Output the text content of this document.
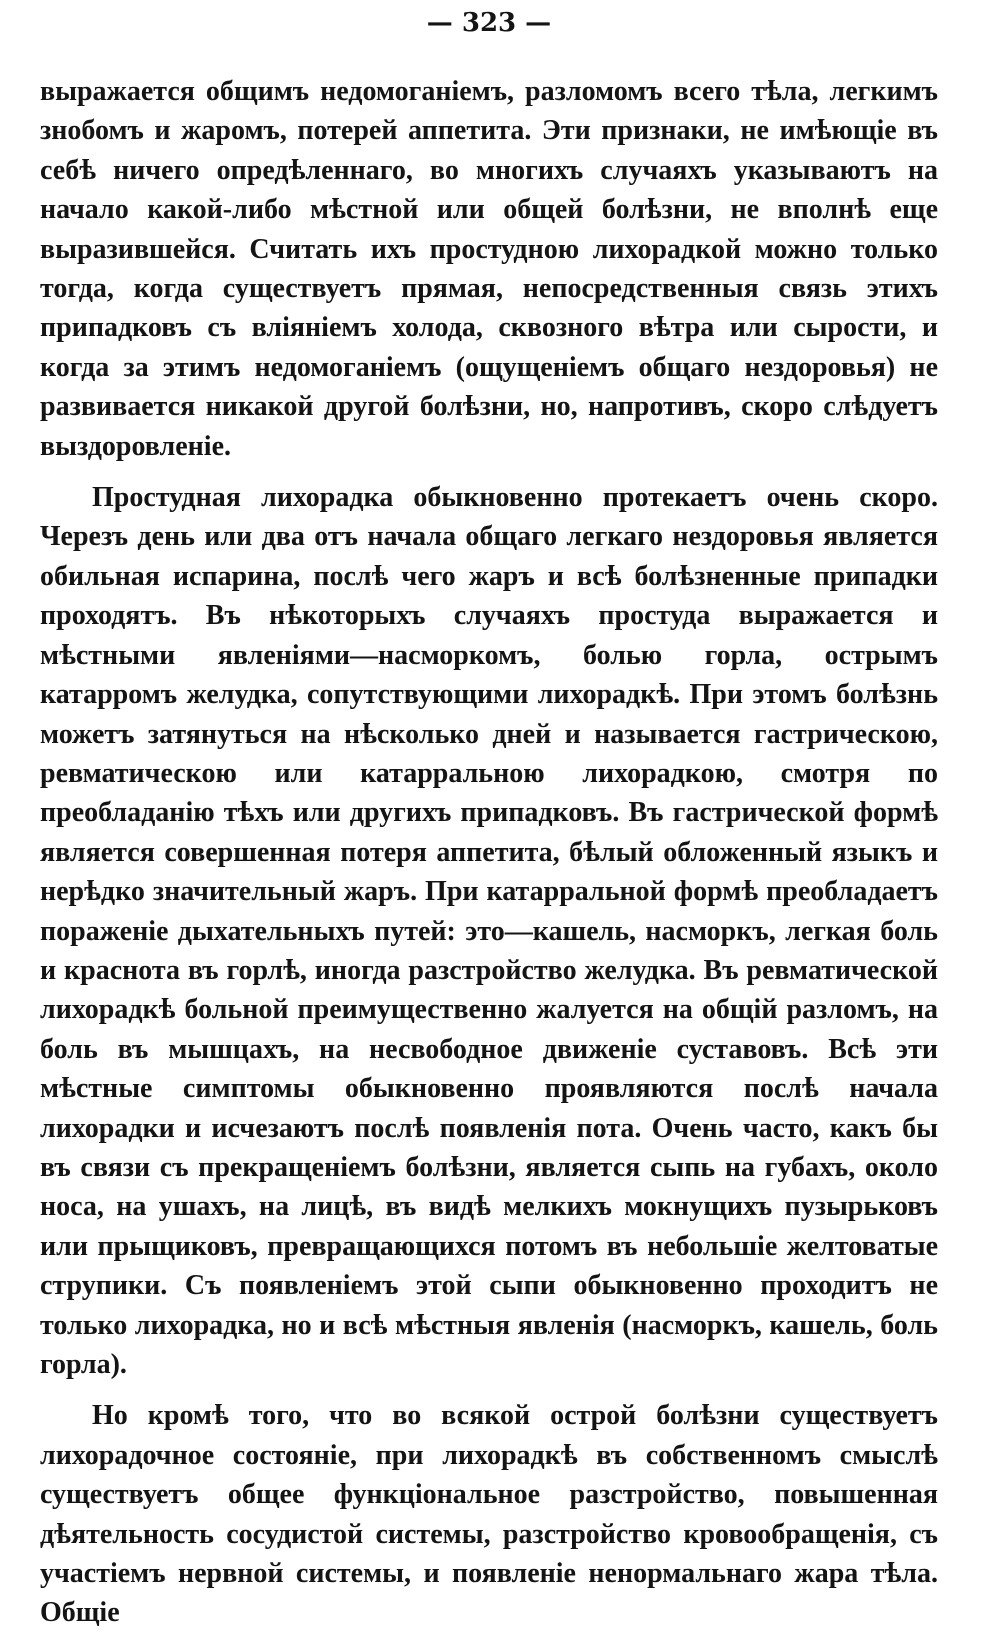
— 323 —

выражается общимъ недомоганіемъ, разломомъ всего тѣла, легкимъ знобомъ и жаромъ, потерей аппетита. Эти признаки, не имѣющіе въ себѣ ничего опредѣленнаго, во многихъ случаяхъ указываютъ на начало какой-либо мѣстной или общей болѣзни, не вполнѣ еще выразившейся. Считать ихъ простудною лихорадкой можно только тогда, когда существуетъ прямая, непосредственныя связь этихъ припадковъ съ вліяніемъ холода, сквозного вѣтра или сырости, и когда за этимъ недомоганіемъ (ощущеніемъ общаго нездоровья) не развивается никакой другой болѣзни, но, напротивъ, скоро слѣдуетъ выздоровленіе.

Простудная лихорадка обыкновенно протекаетъ очень скоро. Черезъ день или два отъ начала общаго легкаго нездоровья является обильная испарина, послѣ чего жаръ и всѣ болѣзненные припадки проходятъ. Въ нѣкоторыхъ случаяхъ простуда выражается и мѣстными явленіями—насморкомъ, болью горла, острымъ катарромъ желудка, сопутствующими лихорадкѣ. При этомъ болѣзнь можетъ затянуться на нѣсколько дней и называется гастрическою, ревматическою или катарральною лихорадкою, смотря по преобладанію тѣхъ или другихъ припадковъ. Въ гастрической формѣ является совершенная потеря аппетита, бѣлый обложенный языкъ и нерѣдко значительный жаръ. При катарральной формѣ преобладаетъ пораженіе дыхательныхъ путей: это—кашель, насморкъ, легкая боль и краснота въ горлѣ, иногда разстройство желудка. Въ ревматической лихорадкѣ больной преимущественно жалуется на общій разломъ, на боль въ мышцахъ, на несвободное движеніе суставовъ. Всѣ эти мѣстные симптомы обыкновенно проявляются послѣ начала лихорадки и исчезаютъ послѣ появленія пота. Очень часто, какъ бы въ связи съ прекращеніемъ болѣзни, является сыпь на губахъ, около носа, на ушахъ, на лицѣ, въ видѣ мелкихъ мокнущихъ пузырьковъ или прыщиковъ, превращающихся потомъ въ небольшіе желтоватые струпики. Съ появленіемъ этой сыпи обыкновенно проходитъ не только лихорадка, но и всѣ мѣстныя явленія (насморкъ, кашель, боль горла).

Но кромѣ того, что во всякой острой болѣзни существуетъ лихорадочное состояніе, при лихорадкѣ въ собственномъ смыслѣ существуетъ общее функціональное разстройство, повышенная дѣятельность сосудистой системы, разстройство кровообращенія, съ участіемъ нервной системы, и появленіе ненормальнаго жара тѣла. Общіе
